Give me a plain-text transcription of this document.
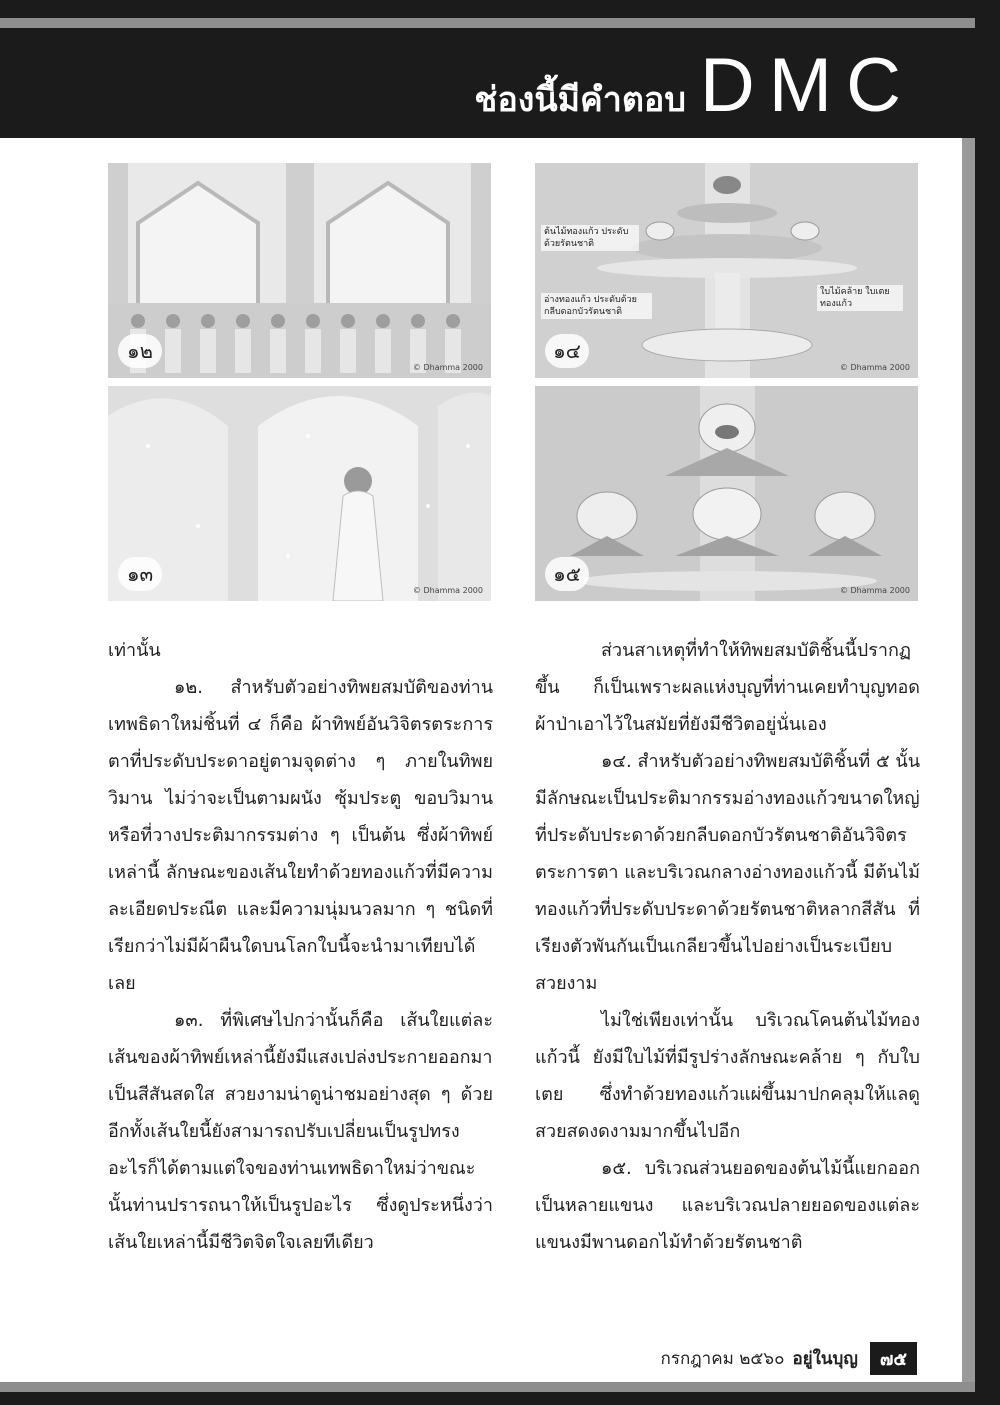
ช่องนี้มีคำตอบ DMC
๑๒
© Dhamma 2000
๑๓
© Dhamma 2000
ต้นไม้ทองแก้ว ประดับด้วยรัตนชาติ
อ่างทองแก้ว ประดับด้วย กลีบดอกบัวรัตนชาติ
ใบไม้คล้าย ใบเตยทองแก้ว
๑๔
© Dhamma 2000
๑๕
© Dhamma 2000

เท่านั้น

๑๒. สำหรับตัวอย่างทิพยสมบัติของท่านเทพธิดาใหม่ชิ้นที่ ๔ ก็คือ ผ้าทิพย์อันวิจิตรตระการตาที่ประดับประดาอยู่ตามจุดต่าง ๆ ภายในทิพยวิมาน ไม่ว่าจะเป็นตามผนัง ซุ้มประตู ขอบวิมาน หรือที่วางประติมากรรมต่าง ๆ เป็นต้น ซึ่งผ้าทิพย์เหล่านี้ ลักษณะของเส้นใยทำด้วยทองแก้วที่มีความละเอียดประณีต และมีความนุ่มนวลมาก ๆ ชนิดที่เรียกว่าไม่มีผ้าผืนใดบนโลกใบนี้จะนำมาเทียบได้เลย

๑๓. ที่พิเศษไปกว่านั้นก็คือ เส้นใยแต่ละเส้นของผ้าทิพย์เหล่านี้ยังมีแสงเปล่งประกายออกมาเป็นสีสันสดใส สวยงามน่าดูน่าชมอย่างสุด ๆ ด้วย อีกทั้งเส้นใยนี้ยังสามารถปรับเปลี่ยนเป็นรูปทรงอะไรก็ได้ตามแต่ใจของท่านเทพธิดาใหม่ว่าขณะนั้นท่านปรารถนาให้เป็นรูปอะไร ซึ่งดูประหนึ่งว่าเส้นใยเหล่านี้มีชีวิตจิตใจเลยทีเดียว

ส่วนสาเหตุที่ทำให้ทิพยสมบัติชิ้นนี้ปรากฏขึ้น ก็เป็นเพราะผลแห่งบุญที่ท่านเคยทำบุญทอดผ้าป่าเอาไว้ในสมัยที่ยังมีชีวิตอยู่นั่นเอง

๑๔. สำหรับตัวอย่างทิพยสมบัติชิ้นที่ ๕ นั้น มีลักษณะเป็นประติมากรรมอ่างทองแก้วขนาดใหญ่ที่ประดับประดาด้วยกลีบดอกบัวรัตนชาติอันวิจิตรตระการตา และบริเวณกลางอ่างทองแก้วนี้ มีต้นไม้ทองแก้วที่ประดับประดาด้วยรัตนชาติหลากสีสัน ที่เรียงตัวพันกันเป็นเกลียวขึ้นไปอย่างเป็นระเบียบสวยงาม

ไม่ใช่เพียงเท่านั้น บริเวณโคนต้นไม้ทองแก้วนี้ ยังมีใบไม้ที่มีรูปร่างลักษณะคล้าย ๆ กับใบเตย ซึ่งทำด้วยทองแก้วแผ่ขึ้นมาปกคลุมให้แลดูสวยสดงดงามมากขึ้นไปอีก

๑๕. บริเวณส่วนยอดของต้นไม้นี้แยกออกเป็นหลายแขนง และบริเวณปลายยอดของแต่ละแขนงมีพานดอกไม้ทำด้วยรัตนชาติ

กรกฎาคม ๒๕๖๐ อยู่ในบุญ	๗๕
